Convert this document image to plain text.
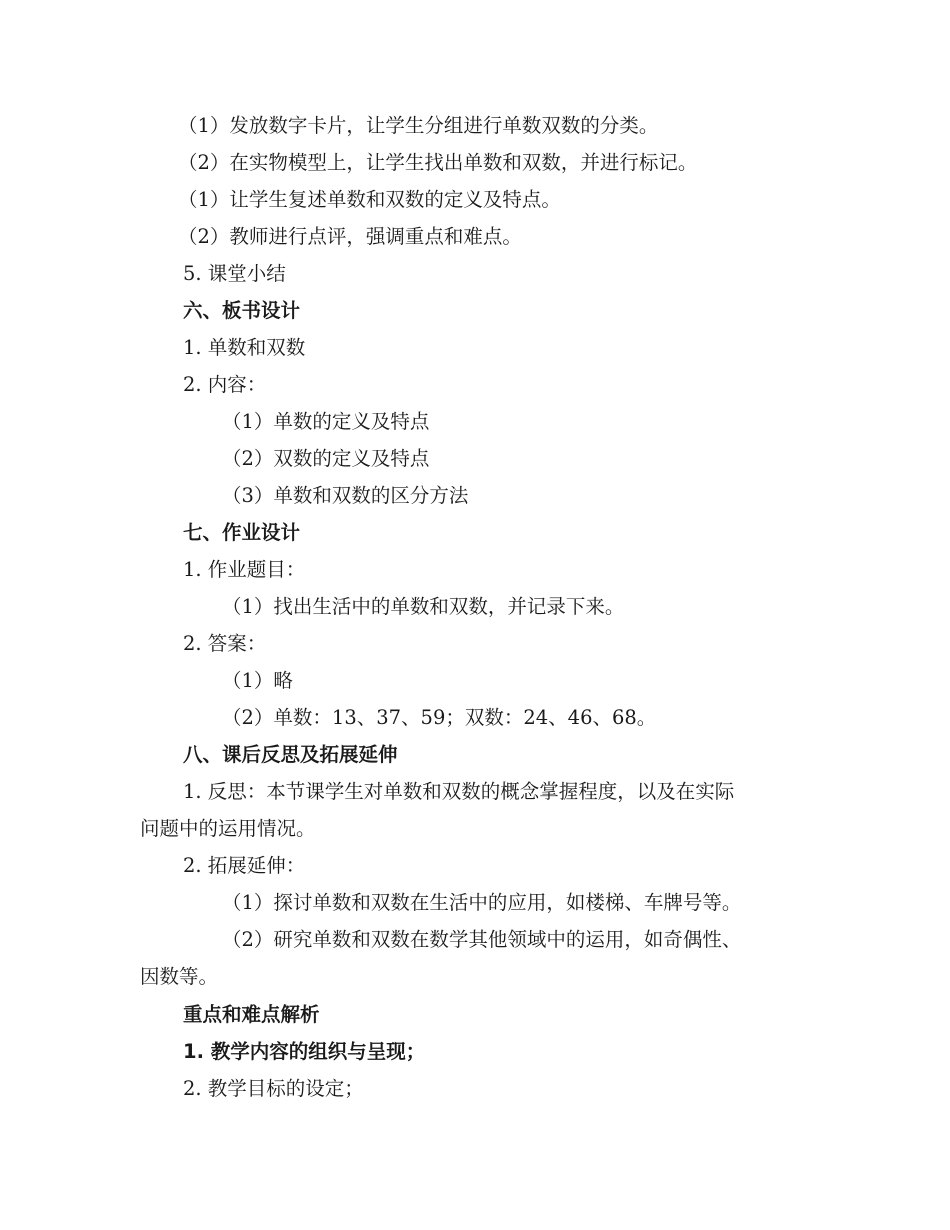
（1）发放数字卡片，让学生分组进行单数双数的分类。
（2）在实物模型上，让学生找出单数和双数，并进行标记。
（1）让学生复述单数和双数的定义及特点。
（2）教师进行点评，强调重点和难点。
5. 课堂小结
六、板书设计
1. 单数和双数
2. 内容：
（1）单数的定义及特点
（2）双数的定义及特点
（3）单数和双数的区分方法
七、作业设计
1. 作业题目：
（1）找出生活中的单数和双数，并记录下来。
2. 答案：
（1）略
（2）单数：13、37、59；双数：24、46、68。
八、课后反思及拓展延伸
1. 反思：本节课学生对单数和双数的概念掌握程度，以及在实际
问题中的运用情况。
2. 拓展延伸：
（1）探讨单数和双数在生活中的应用，如楼梯、车牌号等。
（2）研究单数和双数在数学其他领域中的运用，如奇偶性、
因数等。
重点和难点解析
1. 教学内容的组织与呈现；
2. 教学目标的设定；
